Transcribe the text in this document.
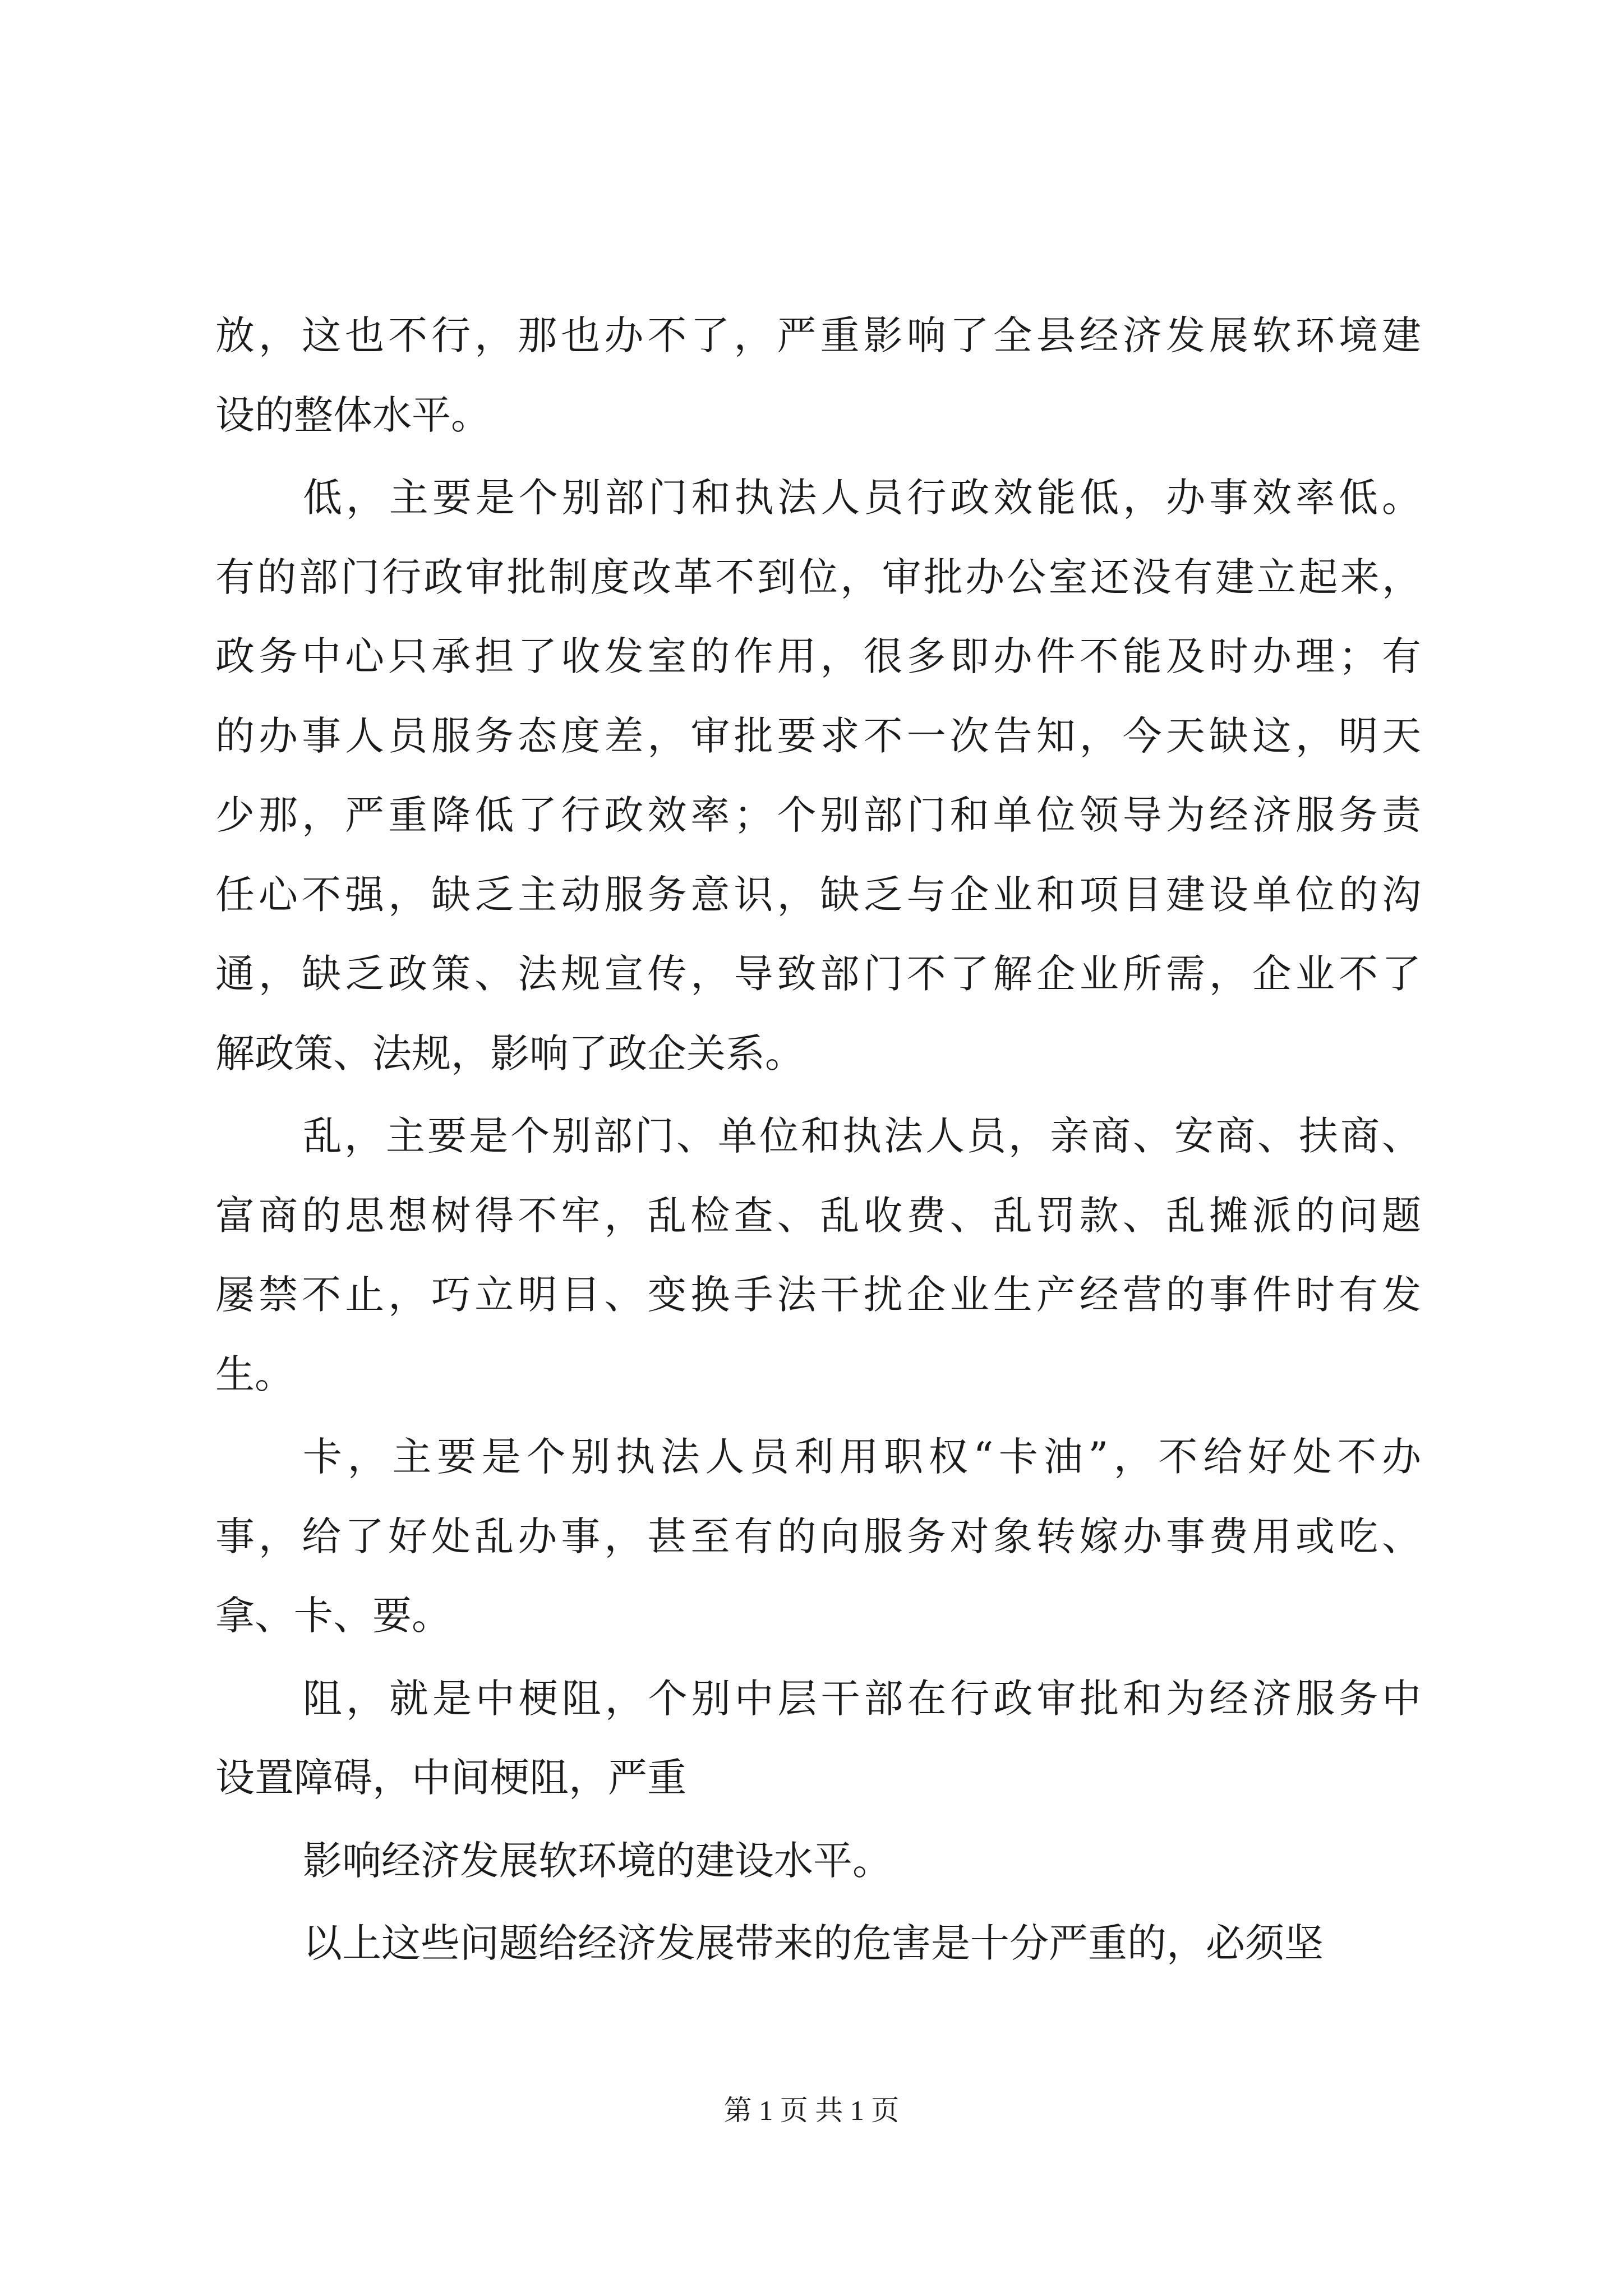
放，这也不行，那也办不了，严重影响了全县经济发展软环境建
设的整体水平。
低，主要是个别部门和执法人员行政效能低，办事效率低。
有的部门行政审批制度改革不到位，审批办公室还没有建立起来，
政务中心只承担了收发室的作用，很多即办件不能及时办理；有
的办事人员服务态度差，审批要求不一次告知，今天缺这，明天
少那，严重降低了行政效率；个别部门和单位领导为经济服务责
任心不强，缺乏主动服务意识，缺乏与企业和项目建设单位的沟
通，缺乏政策、法规宣传，导致部门不了解企业所需，企业不了
解政策、法规，影响了政企关系。
乱，主要是个别部门、单位和执法人员，亲商、安商、扶商、
富商的思想树得不牢，乱检查、乱收费、乱罚款、乱摊派的问题
屡禁不止，巧立明目、变换手法干扰企业生产经营的事件时有发
生。
卡，主要是个别执法人员利用职权“卡油”，不给好处不办
事，给了好处乱办事，甚至有的向服务对象转嫁办事费用或吃、
拿、卡、要。
阻，就是中梗阻，个别中层干部在行政审批和为经济服务中
设置障碍，中间梗阻，严重
影响经济发展软环境的建设水平。
以上这些问题给经济发展带来的危害是十分严重的，必须坚
第 1 页 共 1 页
